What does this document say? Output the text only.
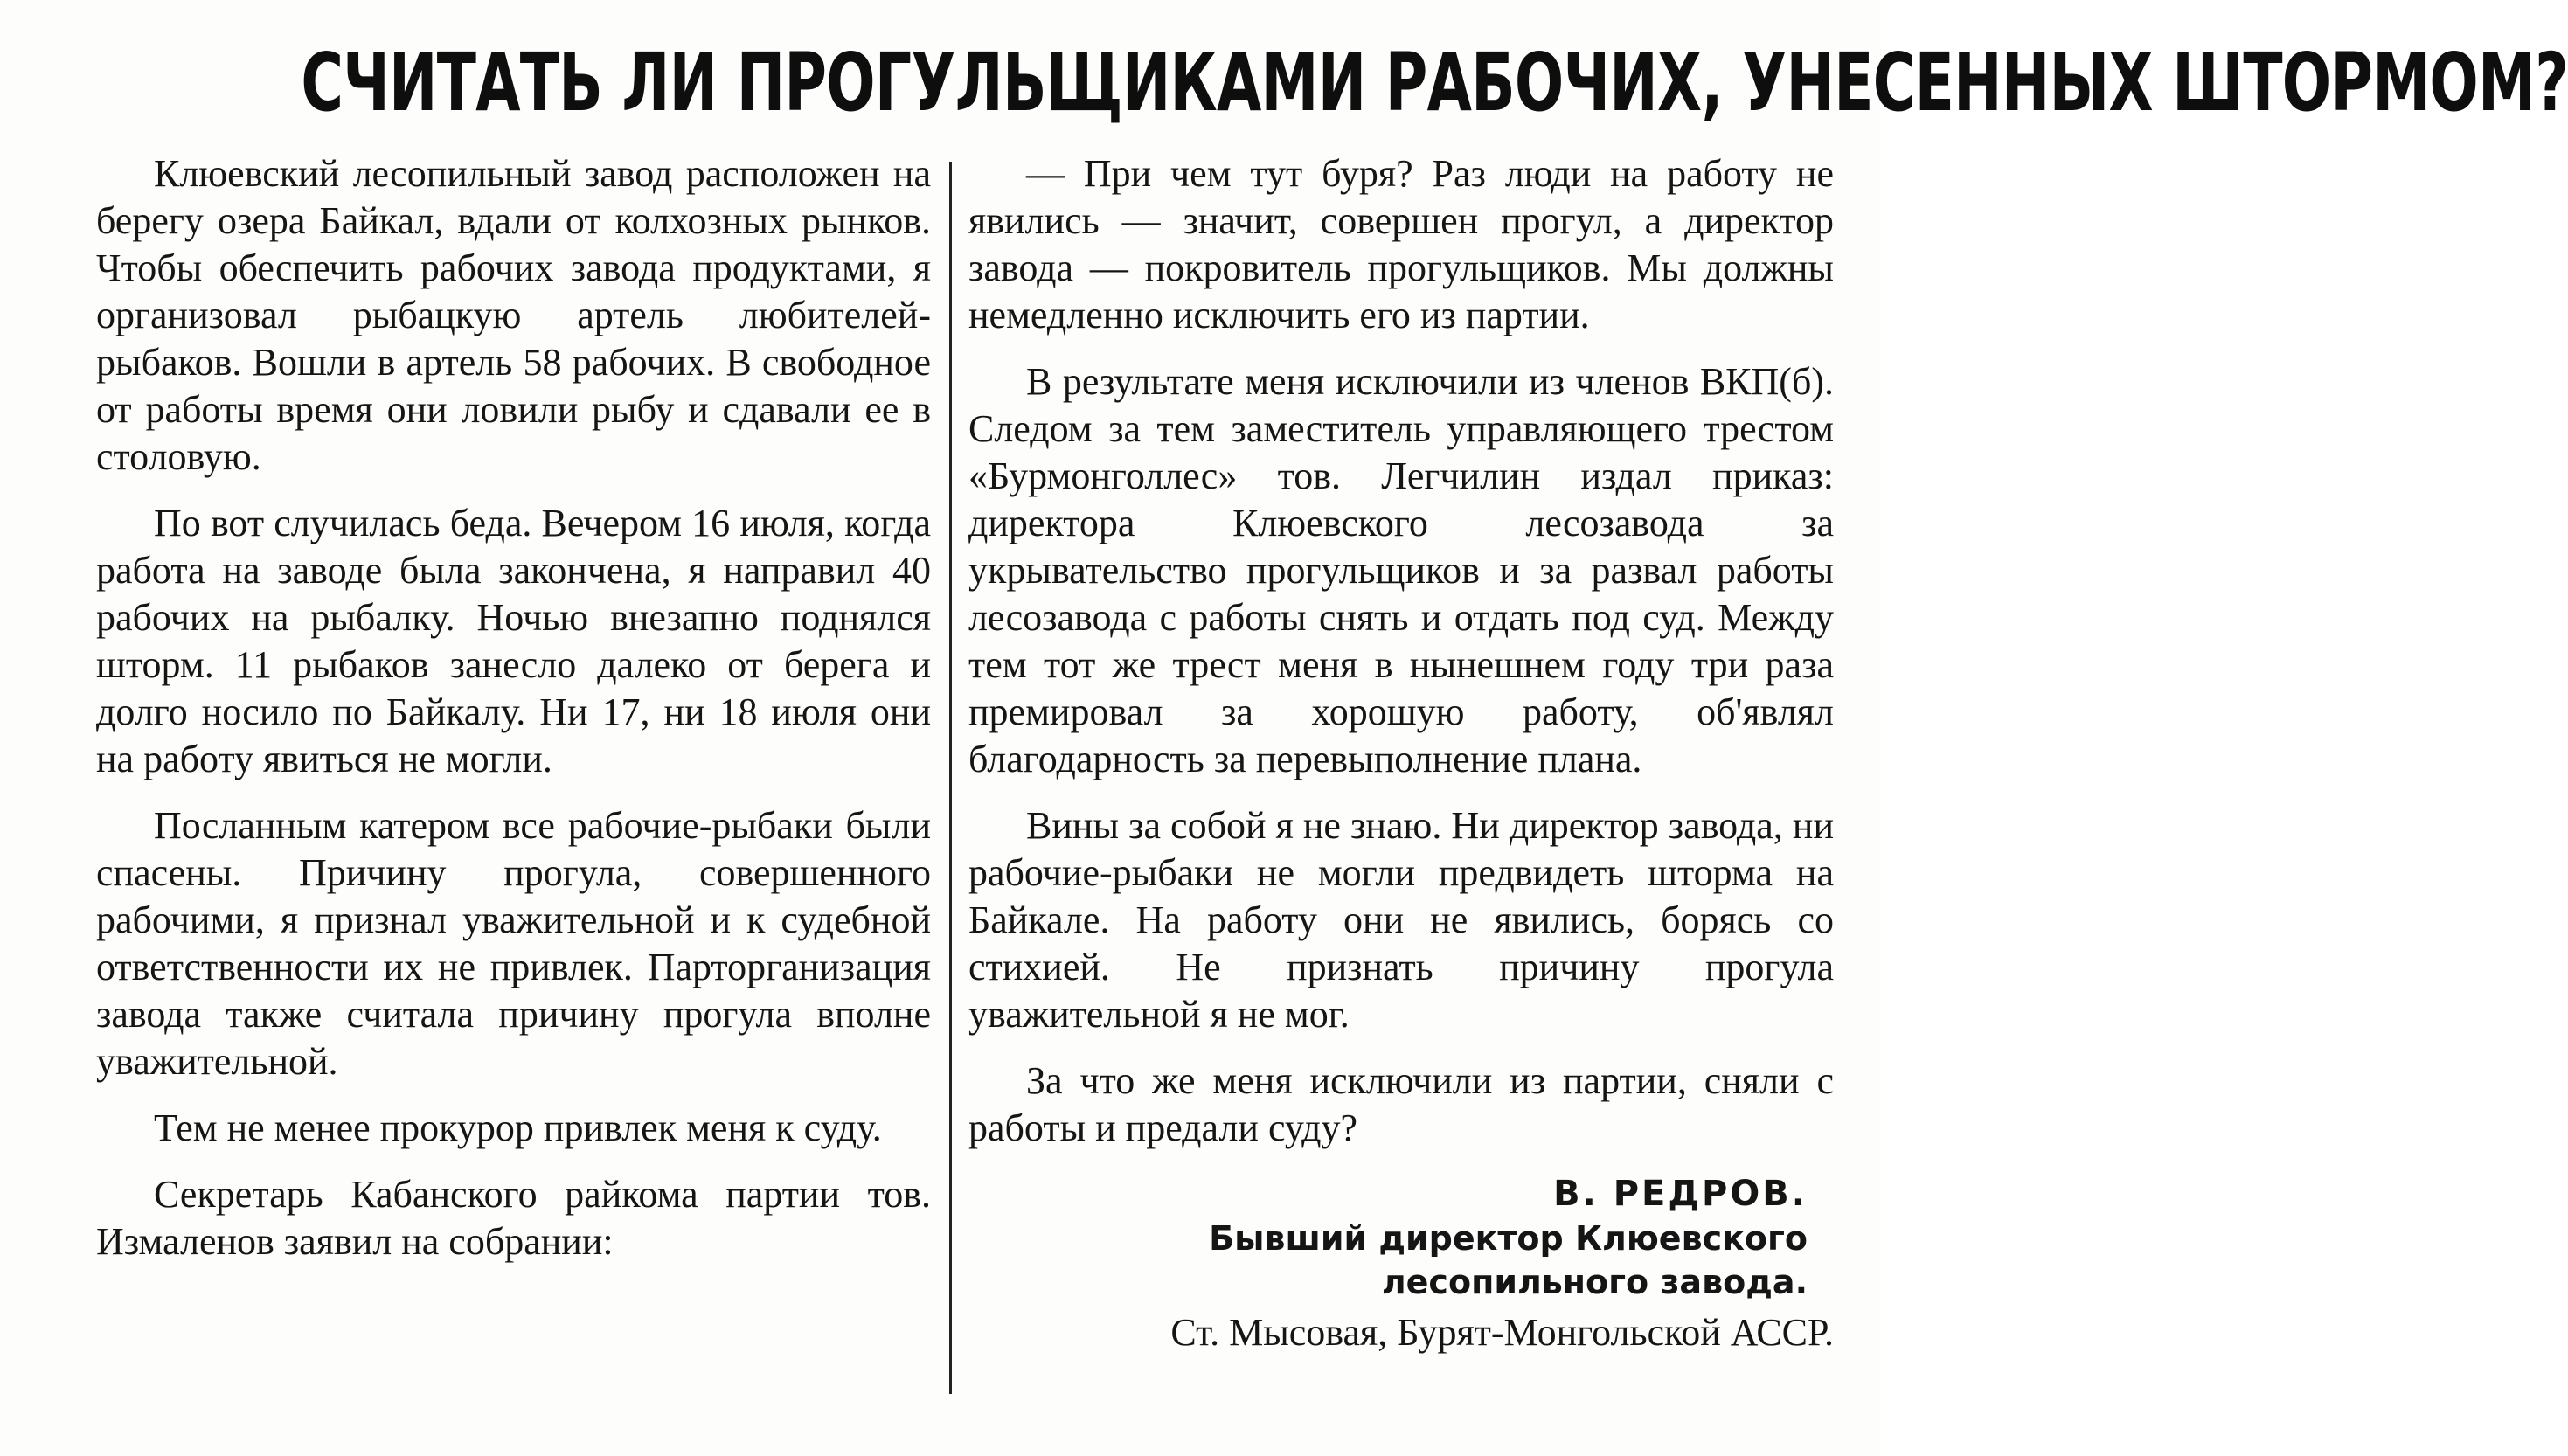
СЧИТАТЬ ЛИ ПРОГУЛЬЩИКАМИ РАБОЧИХ, УНЕСЕННЫХ ШТОРМОМ?

Клюевский лесопильный завод расположен на берегу озера Байкал, вдали от колхозных рынков. Чтобы обеспечить рабочих завода продуктами, я организовал рыбацкую артель любителей-рыбаков. Вошли в артель 58 рабочих. В свободное от работы время они ловили рыбу и сдавали ее в столовую.

По вот случилась беда. Вечером 16 июля, когда работа на заводе была закончена, я направил 40 рабочих на рыбалку. Ночью внезапно поднялся шторм. 11 рыбаков занесло далеко от берега и долго носило по Байкалу. Ни 17, ни 18 июля они на работу явиться не могли.

Посланным катером все рабочие-рыбаки были спасены. Причину прогула, совершенного рабочими, я признал уважительной и к судебной ответственности их не привлек. Парторганизация завода также считала причину прогула вполне уважительной.

Тем не менее прокурор привлек меня к суду.

Секретарь Кабанского райкома партии тов. Измаленов заявил на собрании:

— При чем тут буря? Раз люди на работу не явились — значит, совершен прогул, а директор завода — покровитель прогульщиков. Мы должны немедленно исключить его из партии.

В результате меня исключили из членов ВКП(б). Следом за тем заместитель управляющего трестом «Бурмонголлес» тов. Легчилин издал приказ: директора Клюевского лесозавода за укрывательство прогульщиков и за развал работы лесозавода с работы снять и отдать под суд. Между тем тот же трест меня в нынешнем году три раза премировал за хорошую работу, об'являл благодарность за перевыполнение плана.

Вины за собой я не знаю. Ни директор завода, ни рабочие-рыбаки не могли предвидеть шторма на Байкале. На работу они не явились, борясь со стихией. Не признать причину прогула уважительной я не мог.

За что же меня исключили из партии, сняли с работы и предали суду?

В. РЕДРОВ.
Бывший директор Клюевского
лесопильного завода.
Ст. Мысовая, Бурят-Монгольской АССР.
